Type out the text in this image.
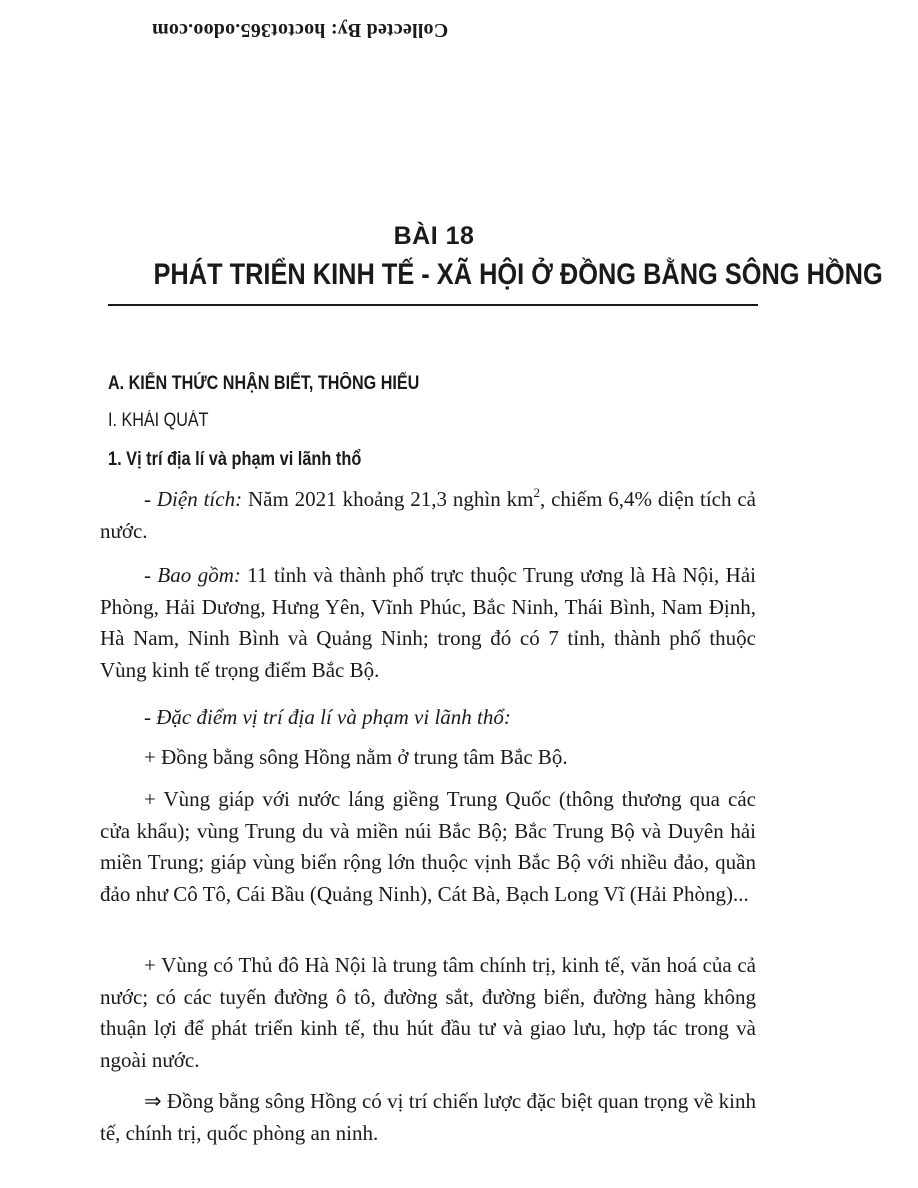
Collected By: hoctot365.odoo.com
BÀI 18
PHÁT TRIỂN KINH TẾ - XÃ HỘI Ở ĐỒNG BẰNG SÔNG HỒNG
A. KIẾN THỨC NHẬN BIẾT, THÔNG HIỂU
I. KHÁI QUÁT
1. Vị trí địa lí và phạm vi lãnh thổ

- Diện tích: Năm 2021 khoảng 21,3 nghìn $km^2$, chiếm 6,4% diện tích cả nước.

- Bao gồm: 11 tỉnh và thành phố trực thuộc Trung ương là Hà Nội, Hải Phòng, Hải Dương, Hưng Yên, Vĩnh Phúc, Bắc Ninh, Thái Bình, Nam Định, Hà Nam, Ninh Bình và Quảng Ninh; trong đó có 7 tỉnh, thành phố thuộc Vùng kinh tế trọng điểm Bắc Bộ.

- Đặc điểm vị trí địa lí và phạm vi lãnh thổ:

+ Đồng bằng sông Hồng nằm ở trung tâm Bắc Bộ.

+ Vùng giáp với nước láng giềng Trung Quốc (thông thương qua các cửa khẩu); vùng Trung du và miền núi Bắc Bộ; Bắc Trung Bộ và Duyên hải miền Trung; giáp vùng biển rộng lớn thuộc vịnh Bắc Bộ với nhiều đảo, quần đảo như Cô Tô, Cái Bầu (Quảng Ninh), Cát Bà, Bạch Long Vĩ (Hải Phòng)...

+ Vùng có Thủ đô Hà Nội là trung tâm chính trị, kinh tế, văn hoá của cả nước; có các tuyến đường ô tô, đường sắt, đường biển, đường hàng không thuận lợi để phát triển kinh tế, thu hút đầu tư và giao lưu, hợp tác trong và ngoài nước.

⇒ Đồng bằng sông Hồng có vị trí chiến lược đặc biệt quan trọng về kinh tế, chính trị, quốc phòng an ninh.
